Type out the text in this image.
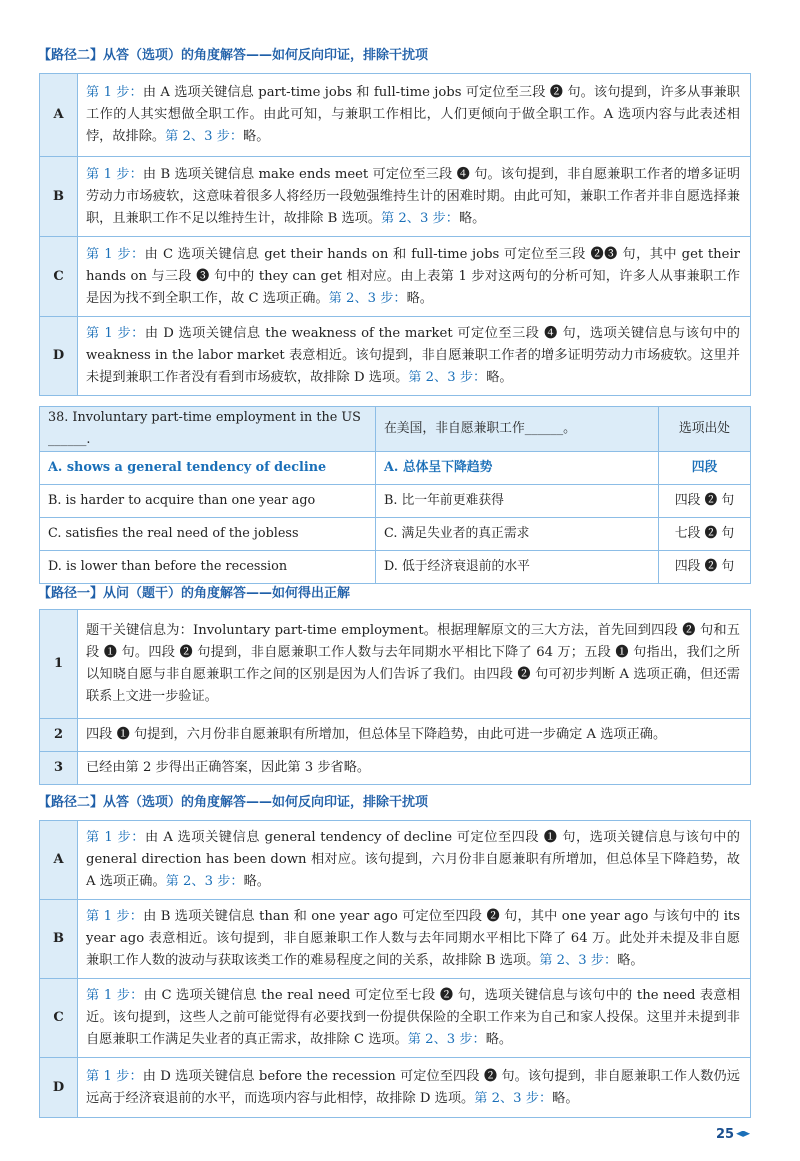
【路径二】从答（选项）的角度解答——如何反向印证，排除干扰项
A	第 1 步：由 A 选项关键信息 part-time jobs 和 full-time jobs 可定位至三段 ❷ 句。该句提到，许多从事兼职工作的人其实想做全职工作。由此可知，与兼职工作相比，人们更倾向于做全职工作。A 选项内容与此表述相悖，故排除。第 2、3 步：略。
B	第 1 步：由 B 选项关键信息 make ends meet 可定位至三段 ❹ 句。该句提到，非自愿兼职工作者的增多证明劳动力市场疲软，这意味着很多人将经历一段勉强维持生计的困难时期。由此可知，兼职工作者并非自愿选择兼职，且兼职工作不足以维持生计，故排除 B 选项。第 2、3 步：略。
C	第 1 步：由 C 选项关键信息 get their hands on 和 full-time jobs 可定位至三段 ❷❸ 句，其中 get their hands on 与三段 ❸ 句中的 they can get 相对应。由上表第 1 步对这两句的分析可知，许多人从事兼职工作是因为找不到全职工作，故 C 选项正确。第 2、3 步：略。
D	第 1 步：由 D 选项关键信息 the weakness of the market 可定位至三段 ❹ 句，选项关键信息与该句中的 weakness in the labor market 表意相近。该句提到，非自愿兼职工作者的增多证明劳动力市场疲软。这里并未提到兼职工作者没有看到市场疲软，故排除 D 选项。第 2、3 步：略。
38. Involuntary part-time employment in the US ______.	在美国，非自愿兼职工作______。	选项出处
A. shows a general tendency of decline	A. 总体呈下降趋势	四段
B. is harder to acquire than one year ago	B. 比一年前更难获得	四段 ❷ 句
C. satisfies the real need of the jobless	C. 满足失业者的真正需求	七段 ❷ 句
D. is lower than before the recession	D. 低于经济衰退前的水平	四段 ❷ 句
【路径一】从问（题干）的角度解答——如何得出正解
1	题干关键信息为：Involuntary part-time employment。根据理解原文的三大方法，首先回到四段 ❷ 句和五段 ❶ 句。四段 ❷ 句提到，非自愿兼职工作人数与去年同期水平相比下降了 64 万；五段 ❶ 句指出，我们之所以知晓自愿与非自愿兼职工作之间的区别是因为人们告诉了我们。由四段 ❷ 句可初步判断 A 选项正确，但还需联系上文进一步验证。
2	四段 ❶ 句提到，六月份非自愿兼职有所增加，但总体呈下降趋势，由此可进一步确定 A 选项正确。
3	已经由第 2 步得出正确答案，因此第 3 步省略。
【路径二】从答（选项）的角度解答——如何反向印证，排除干扰项
A	第 1 步：由 A 选项关键信息 general tendency of decline 可定位至四段 ❶ 句，选项关键信息与该句中的 general direction has been down 相对应。该句提到，六月份非自愿兼职有所增加，但总体呈下降趋势，故 A 选项正确。第 2、3 步：略。
B	第 1 步：由 B 选项关键信息 than 和 one year ago 可定位至四段 ❷ 句，其中 one year ago 与该句中的 its year ago 表意相近。该句提到，非自愿兼职工作人数与去年同期水平相比下降了 64 万。此处并未提及非自愿兼职工作人数的波动与获取该类工作的难易程度之间的关系，故排除 B 选项。第 2、3 步：略。
C	第 1 步：由 C 选项关键信息 the real need 可定位至七段 ❷ 句，选项关键信息与该句中的 the need 表意相近。该句提到，这些人之前可能觉得有必要找到一份提供保险的全职工作来为自己和家人投保。这里并未提到非自愿兼职工作满足失业者的真正需求，故排除 C 选项。第 2、3 步：略。
D	第 1 步：由 D 选项关键信息 before the recession 可定位至四段 ❷ 句。该句提到，非自愿兼职工作人数仍远远高于经济衰退前的水平，而选项内容与此相悖，故排除 D 选项。第 2、3 步：略。
25
